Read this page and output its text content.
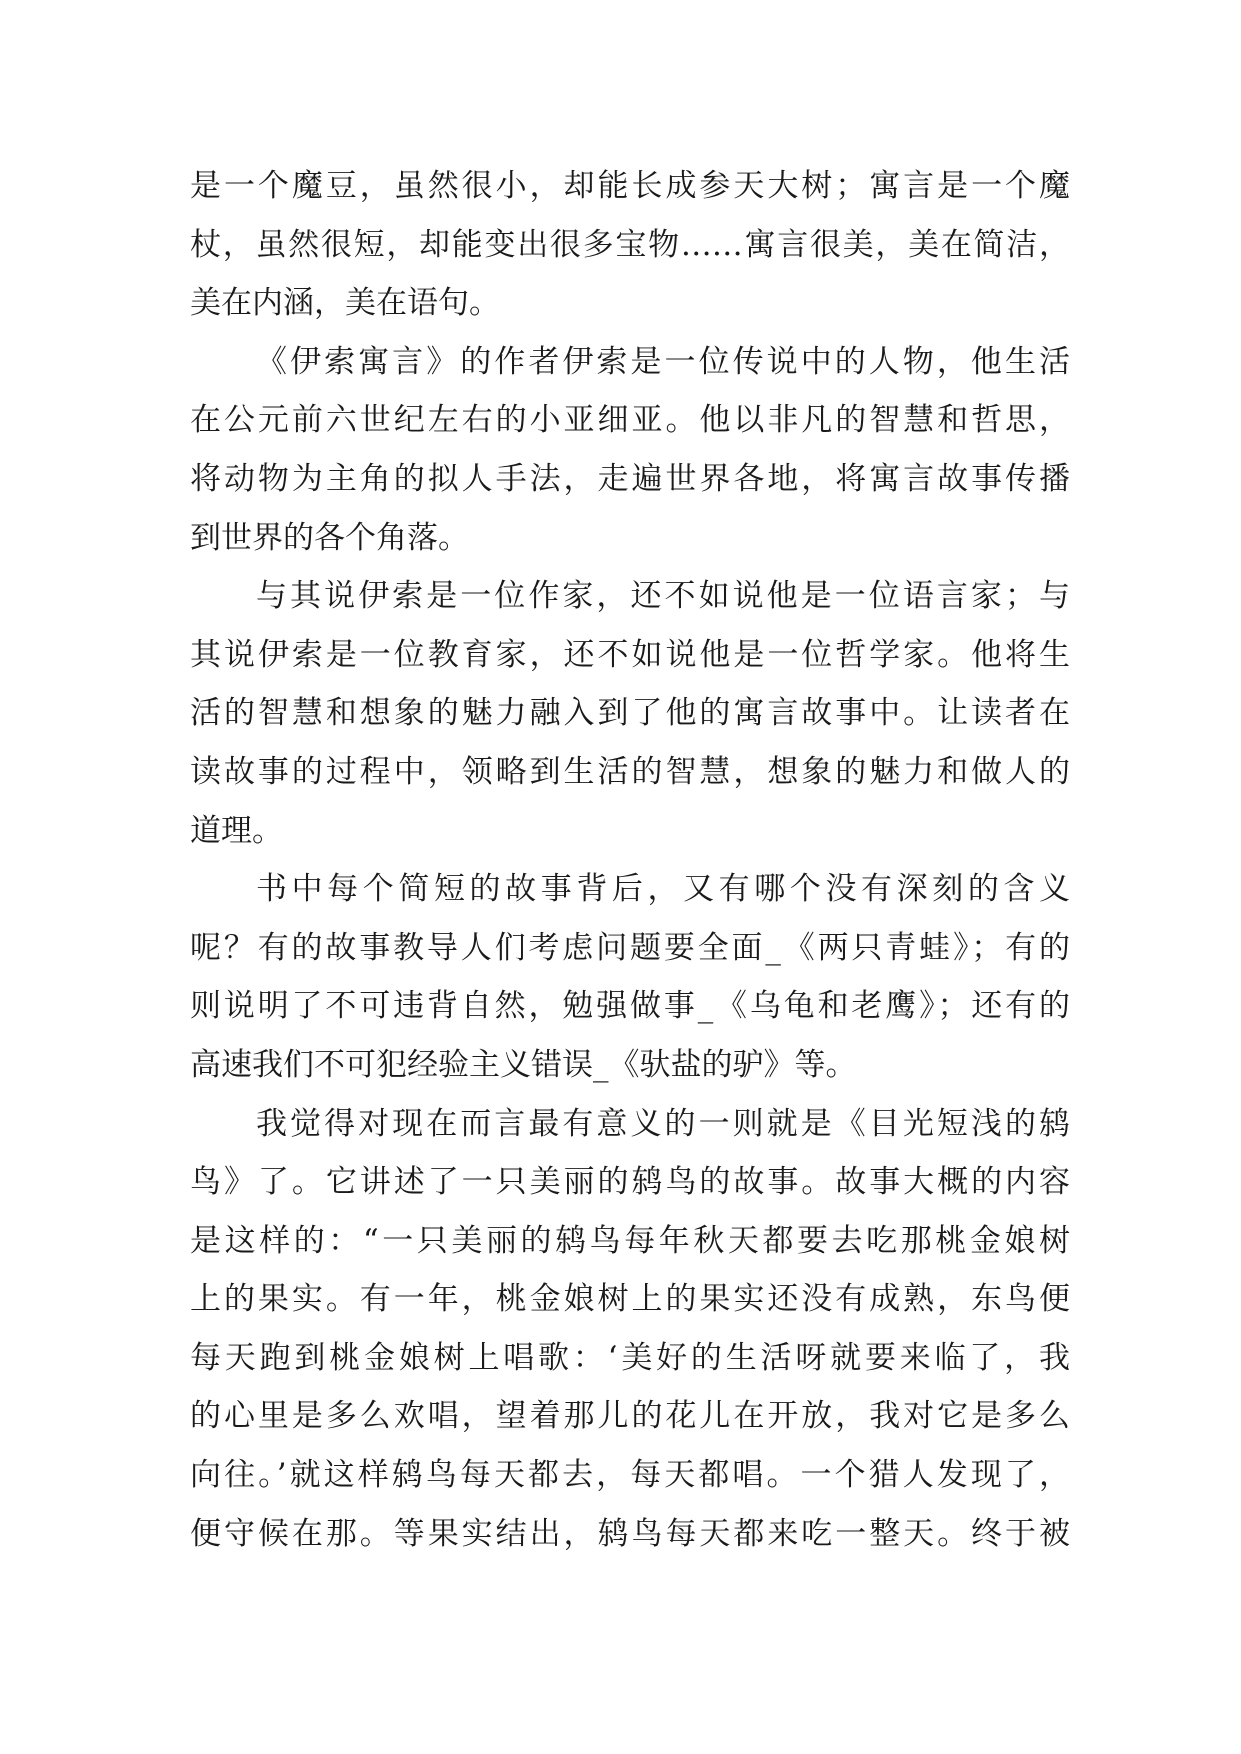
是一个魔豆，虽然很小，却能长成参天大树；寓言是一个魔
杖，虽然很短，却能变出很多宝物……寓言很美，美在简洁，
美在内涵，美在语句。
《伊索寓言》的作者伊索是一位传说中的人物，他生活
在公元前六世纪左右的小亚细亚。他以非凡的智慧和哲思，
将动物为主角的拟人手法，走遍世界各地，将寓言故事传播
到世界的各个角落。
与其说伊索是一位作家，还不如说他是一位语言家；与
其说伊索是一位教育家，还不如说他是一位哲学家。他将生
活的智慧和想象的魅力融入到了他的寓言故事中。让读者在
读故事的过程中，领略到生活的智慧，想象的魅力和做人的
道理。
书中每个简短的故事背后，又有哪个没有深刻的含义
呢？有的故事教导人们考虑问题要全面_《两只青蛙》；有的
则说明了不可违背自然，勉强做事_《乌龟和老鹰》；还有的
高速我们不可犯经验主义错误_《驮盐的驴》等。
我觉得对现在而言最有意义的一则就是《目光短浅的鸫
鸟》了。它讲述了一只美丽的鸫鸟的故事。故事大概的内容
是这样的：“一只美丽的鸫鸟每年秋天都要去吃那桃金娘树
上的果实。有一年，桃金娘树上的果实还没有成熟，东鸟便
每天跑到桃金娘树上唱歌：‘美好的生活呀就要来临了，我
的心里是多么欢唱，望着那儿的花儿在开放，我对它是多么
向往。’就这样鸫鸟每天都去，每天都唱。一个猎人发现了，
便守候在那。等果实结出，鸫鸟每天都来吃一整天。终于被
